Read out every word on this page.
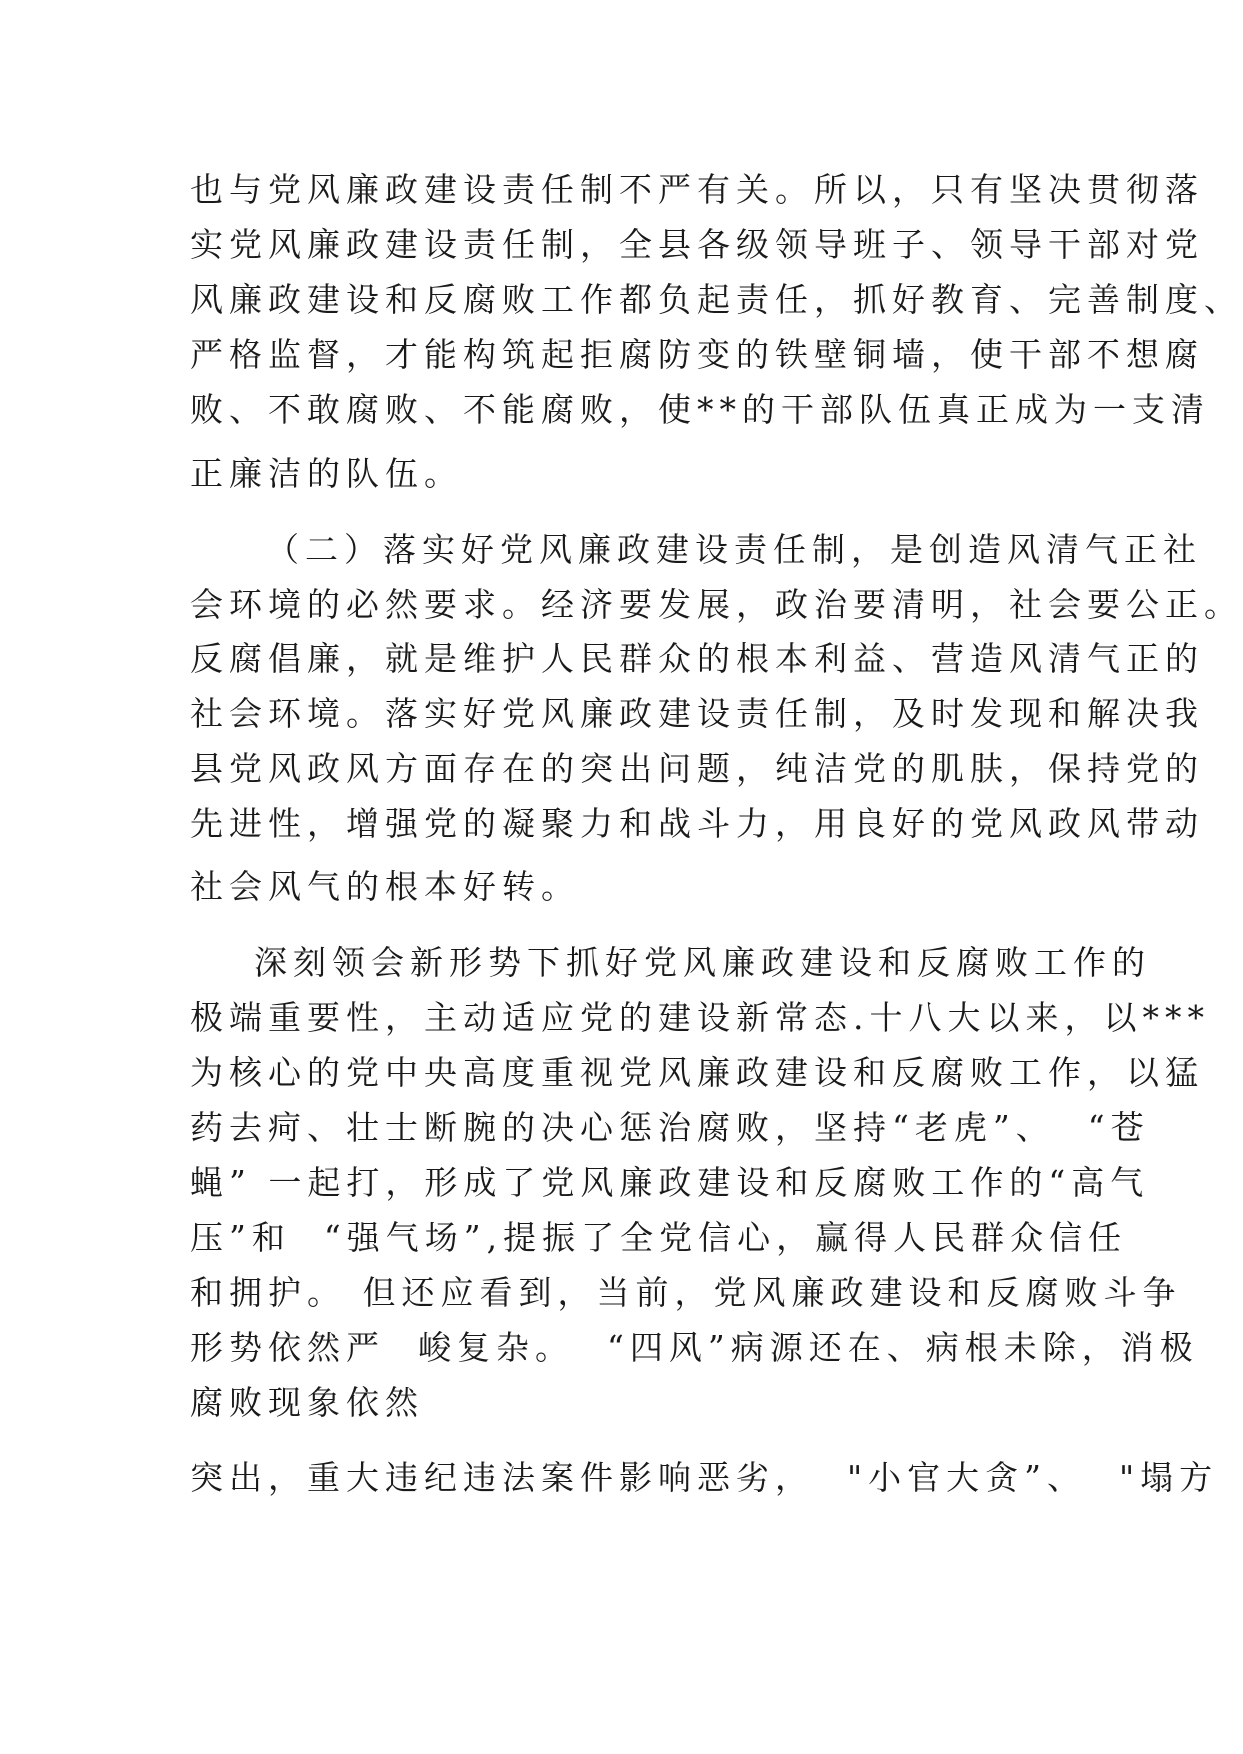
也与党风廉政建设责任制不严有关。所以，只有坚决贯彻落
实党风廉政建设责任制，全县各级领导班子、领导干部对党
风廉政建设和反腐败工作都负起责任，抓好教育、完善制度、
严格监督，才能构筑起拒腐防变的铁壁铜墙，使干部不想腐
败、不敢腐败、不能腐败，使**的干部队伍真正成为一支清
正廉洁的队伍。
（二）落实好党风廉政建设责任制，是创造风清气正社
会环境的必然要求。经济要发展，政治要清明，社会要公正。
反腐倡廉，就是维护人民群众的根本利益、营造风清气正的
社会环境。落实好党风廉政建设责任制，及时发现和解决我
县党风政风方面存在的突出问题，纯洁党的肌肤，保持党的
先进性，增强党的凝聚力和战斗力，用良好的党风政风带动
社会风气的根本好转。
深刻领会新形势下抓好党风廉政建设和反腐败工作的
极端重要性，主动适应党的建设新常态.十八大以来，以***
为核心的党中央高度重视党风廉政建设和反腐败工作，以猛
药去疴、壮士断腕的决心惩治腐败，坚持“老虎”、  “苍
蝇” 一起打，形成了党风廉政建设和反腐败工作的“高气
压”和  “强气场”,提振了全党信心，赢得人民群众信任
和拥护。 但还应看到，当前，党风廉政建设和反腐败斗争
形势依然严  峻复杂。  “四风”病源还在、病根未除，消极
腐败现象依然
突出，重大违纪违法案件影响恶劣，  "小官大贪”、  "塌方
